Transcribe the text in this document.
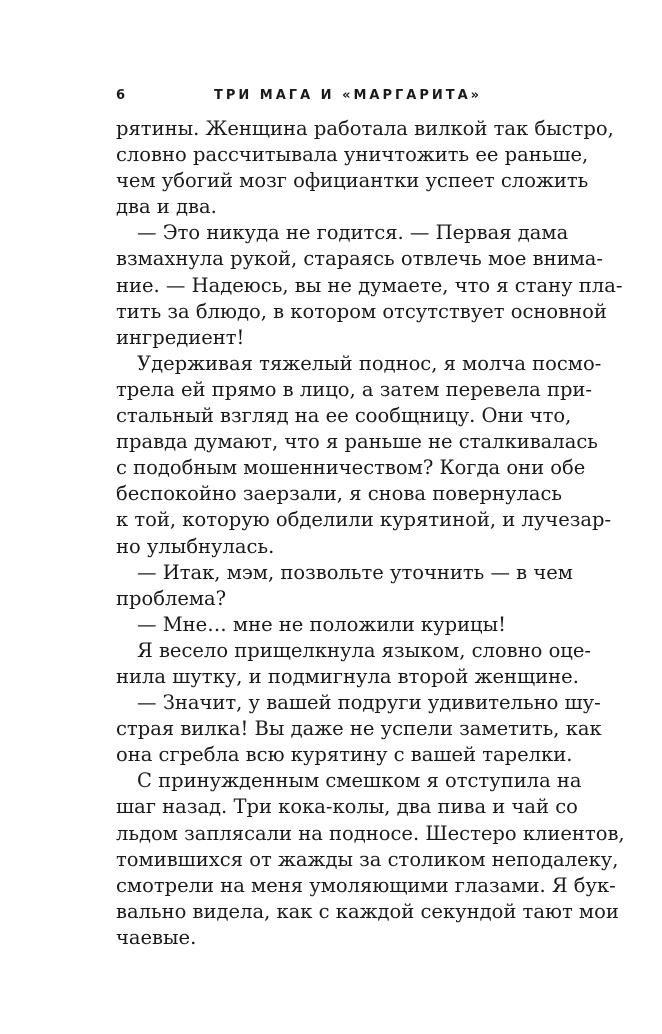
6	ТРИ МАГА И «МАРГАРИТА»
рятины. Женщина работала вилкой так быстро,
словно рассчитывала уничтожить ее раньше,
чем убогий мозг официантки успеет сложить
два и два.
— Это никуда не годится. — Первая дама
взмахнула рукой, стараясь отвлечь мое внима-
ние. — Надеюсь, вы не думаете, что я стану пла-
тить за блюдо, в котором отсутствует основной
ингредиент!
Удерживая тяжелый поднос, я молча посмо-
трела ей прямо в лицо, а затем перевела при-
стальный взгляд на ее сообщницу. Они что,
правда думают, что я раньше не сталкивалась
с подобным мошенничеством? Когда они обе
беспокойно заерзали, я снова повернулась
к той, которую обделили курятиной, и лучезар-
но улыбнулась.
— Итак, мэм, позвольте уточнить — в чем
проблема?
— Мне… мне не положили курицы!
Я весело прищелкнула языком, словно оце-
нила шутку, и подмигнула второй женщине.
— Значит, у вашей подруги удивительно шу-
страя вилка! Вы даже не успели заметить, как
она сгребла всю курятину с вашей тарелки.
С принужденным смешком я отступила на
шаг назад. Три кока-колы, два пива и чай со
льдом заплясали на подносе. Шестеро клиентов,
томившихся от жажды за столиком неподалеку,
смотрели на меня умоляющими глазами. Я бук-
вально видела, как с каждой секундой тают мои
чаевые.
